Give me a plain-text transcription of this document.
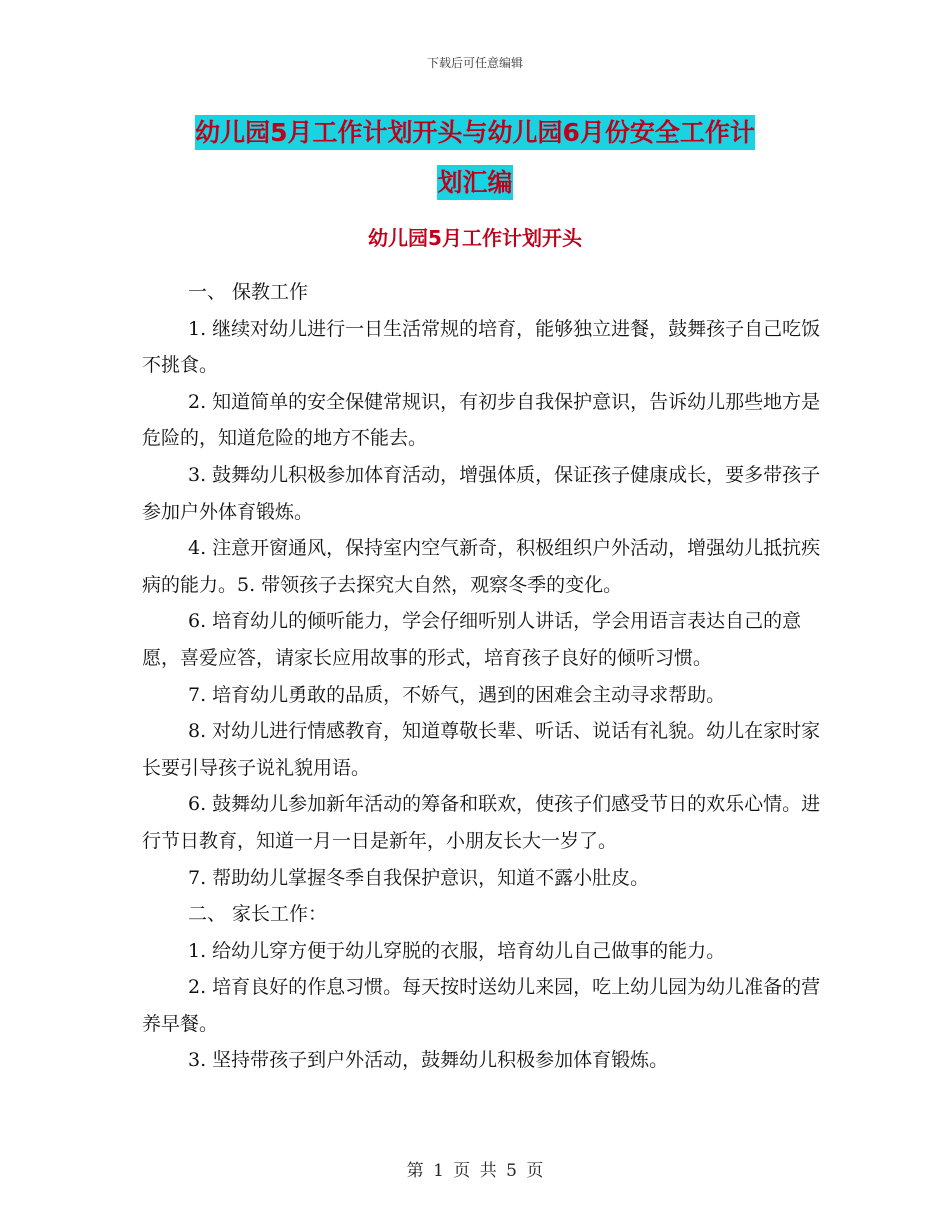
下载后可任意编辑
幼儿园5月工作计划开头与幼儿园6月份安全工作计
划汇编
幼儿园5月工作计划开头

一、 保教工作

1. 继续对幼儿进行一日生活常规的培育，能够独立进餐，鼓舞孩子自己吃饭不挑食。

2. 知道简单的安全保健常规识，有初步自我保护意识，告诉幼儿那些地方是危险的，知道危险的地方不能去。

3. 鼓舞幼儿积极参加体育活动，增强体质，保证孩子健康成长，要多带孩子参加户外体育锻炼。

4. 注意开窗通风，保持室内空气新奇，积极组织户外活动，增强幼儿抵抗疾病的能力。5. 带领孩子去探究大自然，观察冬季的变化。

6. 培育幼儿的倾听能力，学会仔细听别人讲话，学会用语言表达自己的意愿，喜爱应答，请家长应用故事的形式，培育孩子良好的倾听习惯。

7. 培育幼儿勇敢的品质，不娇气，遇到的困难会主动寻求帮助。

8. 对幼儿进行情感教育，知道尊敬长辈、听话、说话有礼貌。幼儿在家时家长要引导孩子说礼貌用语。

6. 鼓舞幼儿参加新年活动的筹备和联欢，使孩子们感受节日的欢乐心情。进行节日教育，知道一月一日是新年，小朋友长大一岁了。

7. 帮助幼儿掌握冬季自我保护意识，知道不露小肚皮。

二、 家长工作：

1. 给幼儿穿方便于幼儿穿脱的衣服，培育幼儿自己做事的能力。

2. 培育良好的作息习惯。每天按时送幼儿来园，吃上幼儿园为幼儿准备的营养早餐。

3. 坚持带孩子到户外活动，鼓舞幼儿积极参加体育锻炼。

第 1 页 共 5 页
